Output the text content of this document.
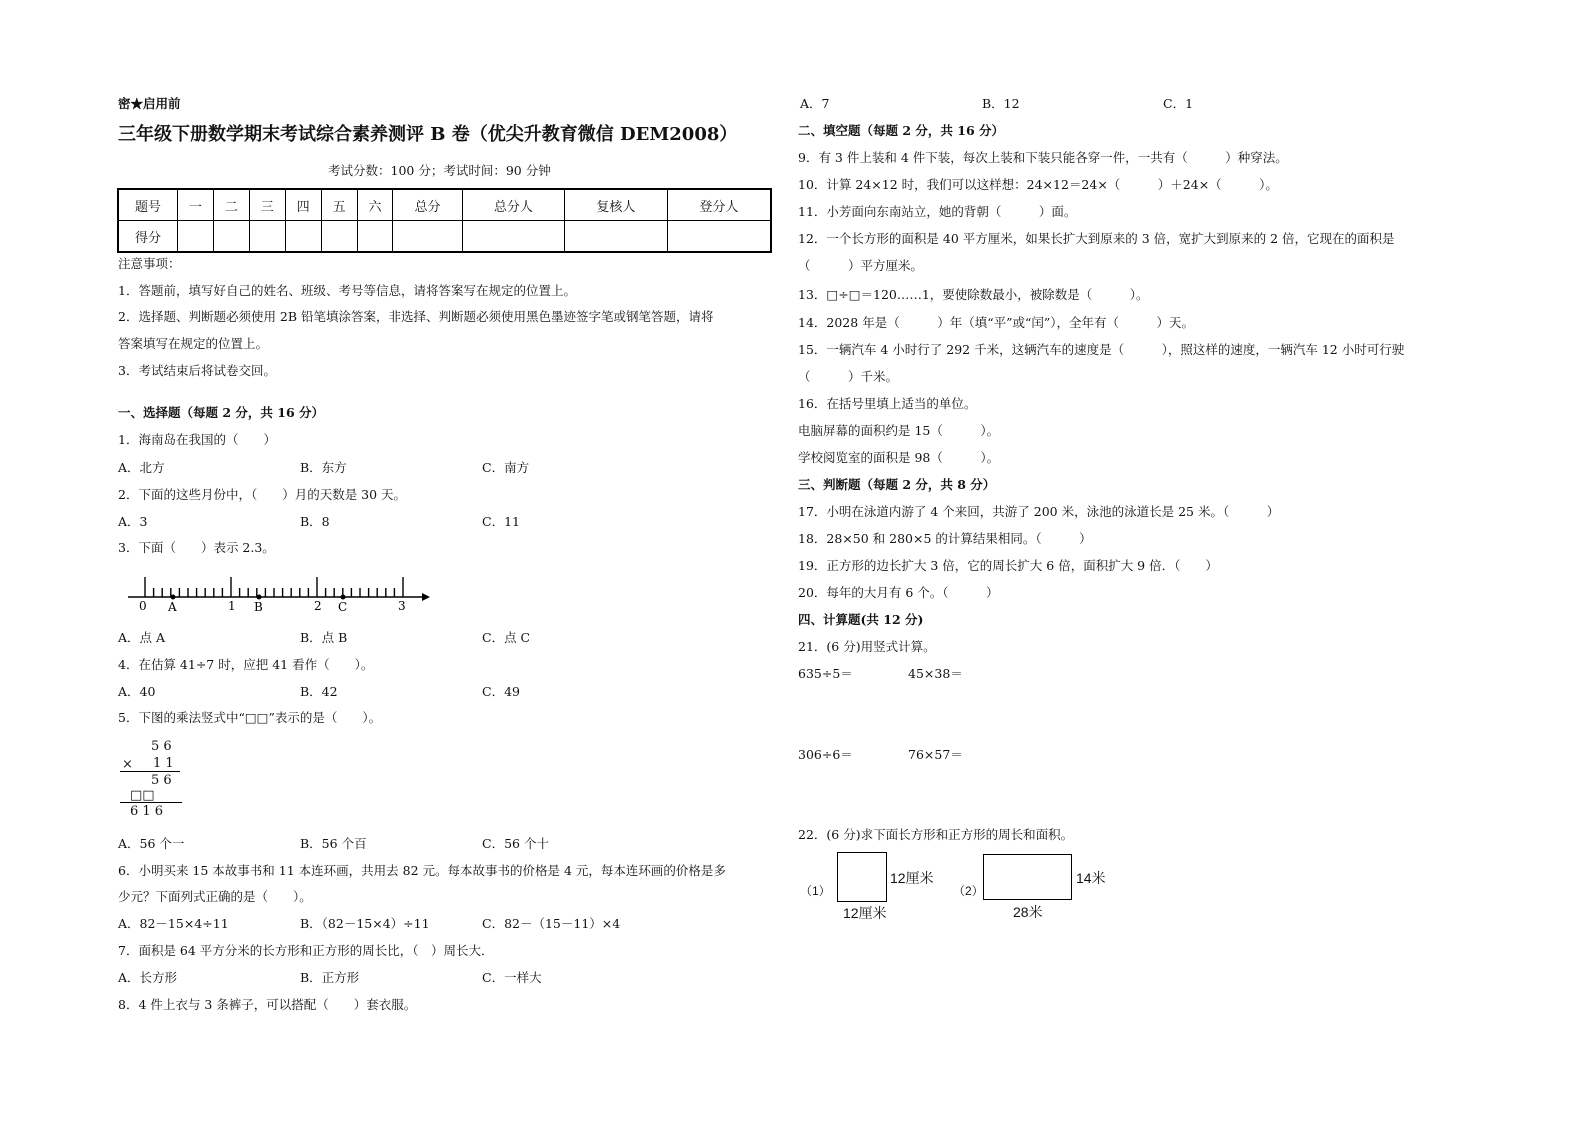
密★启用前
三年级下册数学期末考试综合素养测评 B 卷（优尖升教育微信 DEM2008）
考试分数：100 分；考试时间：90 分钟
题号	一	二	三	四	五	六	总分	总分人	复核人	登分人
得分										
注意事项：
1．答题前，填写好自己的姓名、班级、考号等信息，请将答案写在规定的位置上。
2．选择题、判断题必须使用 2B 铅笔填涂答案，非选择、判断题必须使用黑色墨迹签字笔或钢笔答题，请将
答案填写在规定的位置上。
3．考试结束后将试卷交回。
一、选择题（每题 2 分，共 16 分）
1．海南岛在我国的（　　）
A．北方	B．东方	C．南方
2．下面的这些月份中，（　　）月的天数是 30 天。
A．3	B．8	C．11
3．下面（　　）表示 2.3。
0	1	2	3
A	B	C
A．点 A	B．点 B	C．点 C
4．在估算 41÷7 时，应把 41 看作（　　）。
A．40	B．42	C．49
5．下图的乘法竖式中“□□”表示的是（　　）。
5 6
× 1 1
5 6
□□
6 1 6
A．56 个一	B．56 个百	C．56 个十
6．小明买来 15 本故事书和 11 本连环画，共用去 82 元。每本故事书的价格是 4 元，每本连环画的价格是多
少元？下面列式正确的是（　　）。
A．82－15×4÷11	B．（82－15×4）÷11	C．82－（15－11）×4
7．面积是 64 平方分米的长方形和正方形的周长比，（　）周长大．
A．长方形	B．正方形	C．一样大
8．4 件上衣与 3 条裤子，可以搭配（　　）套衣服。
A．7	B．12	C．1
二、填空题（每题 2 分，共 16 分）
9．有 3 件上装和 4 件下装，每次上装和下装只能各穿一件，一共有（　　　）种穿法。
10．计算 24×12 时，我们可以这样想：24×12＝24×（　　　）＋24×（　　　）。
11．小芳面向东南站立，她的背朝（　　　）面。
12．一个长方形的面积是 40 平方厘米，如果长扩大到原来的 3 倍，宽扩大到原来的 2 倍，它现在的面积是
（　　　）平方厘米。
13．□÷□＝120……1，要使除数最小，被除数是（　　　）。
14．2028 年是（　　　）年（填“平”或“闰”），全年有（　　　）天。
15．一辆汽车 4 小时行了 292 千米，这辆汽车的速度是（　　　），照这样的速度，一辆汽车 12 小时可行驶
（　　　）千米。
16．在括号里填上适当的单位。
电脑屏幕的面积约是 15（　　　）。
学校阅览室的面积是 98（　　　）。
三、判断题（每题 2 分，共 8 分）
17．小明在泳道内游了 4 个来回，共游了 200 米，泳池的泳道长是 25 米。（　　　）
18．28×50 和 280×5 的计算结果相同。（　　　）
19．正方形的边长扩大 3 倍，它的周长扩大 6 倍，面积扩大 9 倍．（　　）
20．每年的大月有 6 个。（　　　）
四、计算题(共 12 分)
21．(6 分)用竖式计算。
635÷5＝	45×38＝
306÷6＝	76×57＝
22．(6 分)求下面长方形和正方形的周长和面积。
（1）
12厘米
12厘米
（2）
14米
28米
